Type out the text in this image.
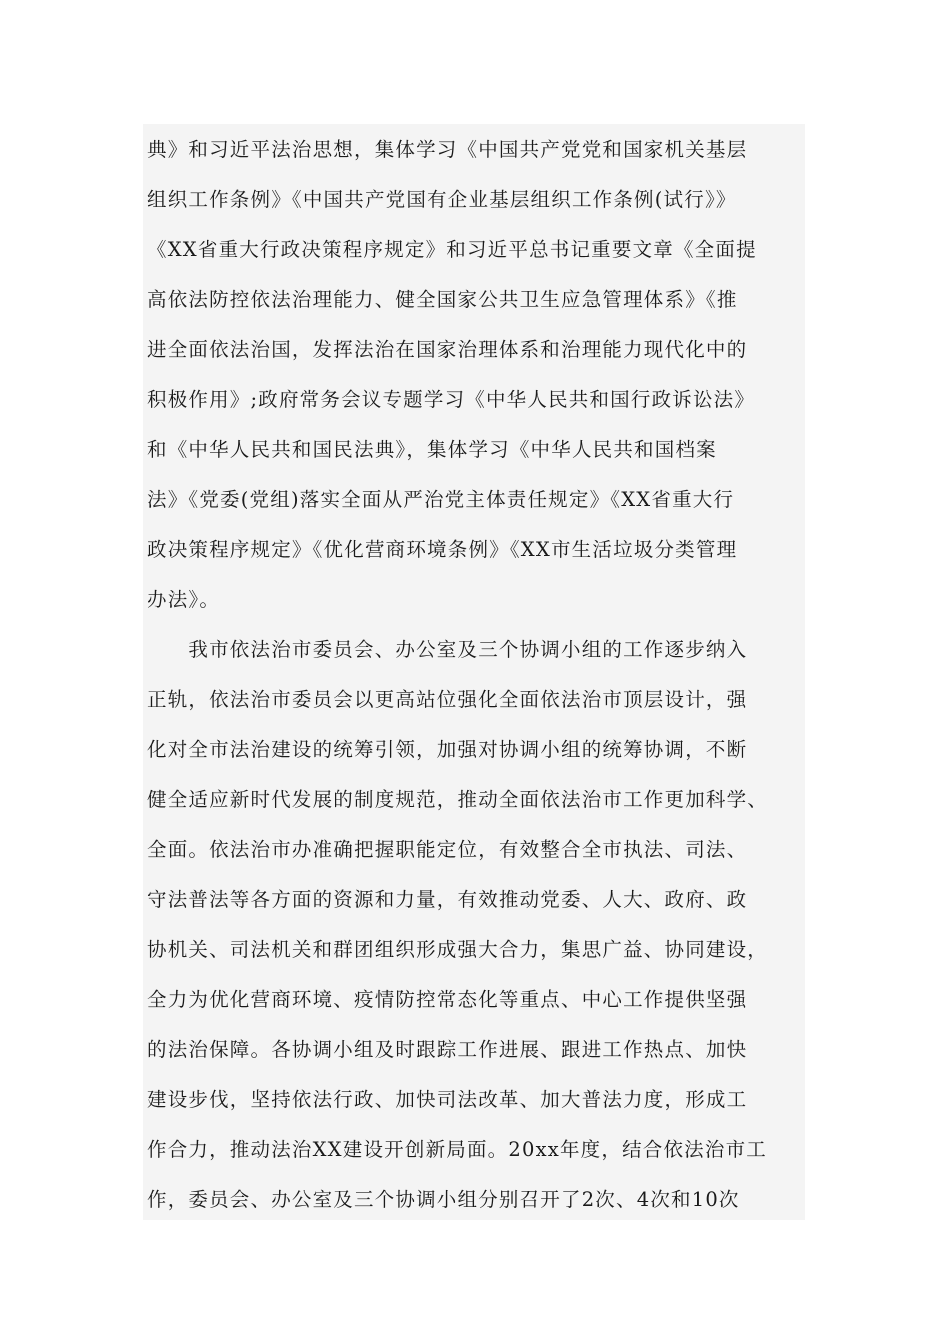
典》和习近平法治思想，集体学习《中国共产党党和国家机关基层
组织工作条例》《中国共产党国有企业基层组织工作条例(试行》》
《XX省重大行政决策程序规定》和习近平总书记重要文章《全面提
高依法防控依法治理能力、健全国家公共卫生应急管理体系》《推
进全面依法治国，发挥法治在国家治理体系和治理能力现代化中的
积极作用》;政府常务会议专题学习《中华人民共和国行政诉讼法》
和《中华人民共和国民法典》，集体学习《中华人民共和国档案
法》《党委(党组)落实全面从严治党主体责任规定》《XX省重大行
政决策程序规定》《优化营商环境条例》《XX市生活垃圾分类管理
办法》。
　　我市依法治市委员会、办公室及三个协调小组的工作逐步纳入
正轨，依法治市委员会以更高站位强化全面依法治市顶层设计，强
化对全市法治建设的统筹引领，加强对协调小组的统筹协调，不断
健全适应新时代发展的制度规范，推动全面依法治市工作更加科学、
全面。依法治市办准确把握职能定位，有效整合全市执法、司法、
守法普法等各方面的资源和力量，有效推动党委、人大、政府、政
协机关、司法机关和群团组织形成强大合力，集思广益、协同建设，
全力为优化营商环境、疫情防控常态化等重点、中心工作提供坚强
的法治保障。各协调小组及时跟踪工作进展、跟进工作热点、加快
建设步伐，坚持依法行政、加快司法改革、加大普法力度，形成工
作合力，推动法治XX建设开创新局面。20xx年度，结合依法治市工
作，委员会、办公室及三个协调小组分别召开了2次、4次和10次
